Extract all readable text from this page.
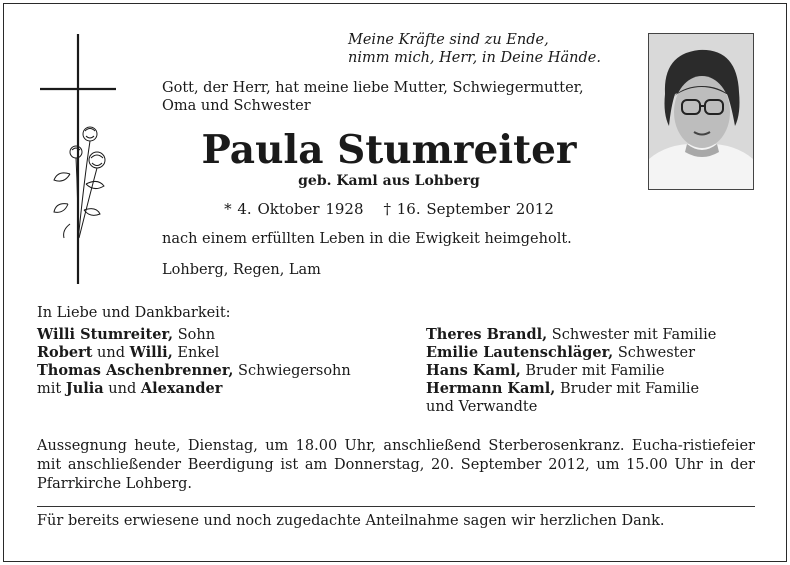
Meine Kräfte sind zu Ende,
nimm mich, Herr, in Deine Hände.
Gott, der Herr, hat meine liebe Mutter, Schwiegermutter,
Oma und Schwester
Paula Stumreiter
geb. Kaml aus Lohberg
* 4. Oktober 1928 † 16. September 2012
nach einem erfüllten Leben in die Ewigkeit heimgeholt.
Lohberg, Regen, Lam
In Liebe und Dankbarkeit:
Willi Stumreiter, Sohn
Robert und Willi, Enkel
Thomas Aschenbrenner, Schwiegersohn
mit Julia und Alexander
Theres Brandl, Schwester mit Familie
Emilie Lautenschläger, Schwester
Hans Kaml, Bruder mit Familie
Hermann Kaml, Bruder mit Familie
und Verwandte
Aussegnung heute, Dienstag, um 18.00 Uhr, anschließend Sterberosenkranz. Eucha-ristiefeier mit anschließender Beerdigung ist am Donnerstag, 20. September 2012, um 15.00 Uhr in der Pfarrkirche Lohberg.
Für bereits erwiesene und noch zugedachte Anteilnahme sagen wir herzlichen Dank.
